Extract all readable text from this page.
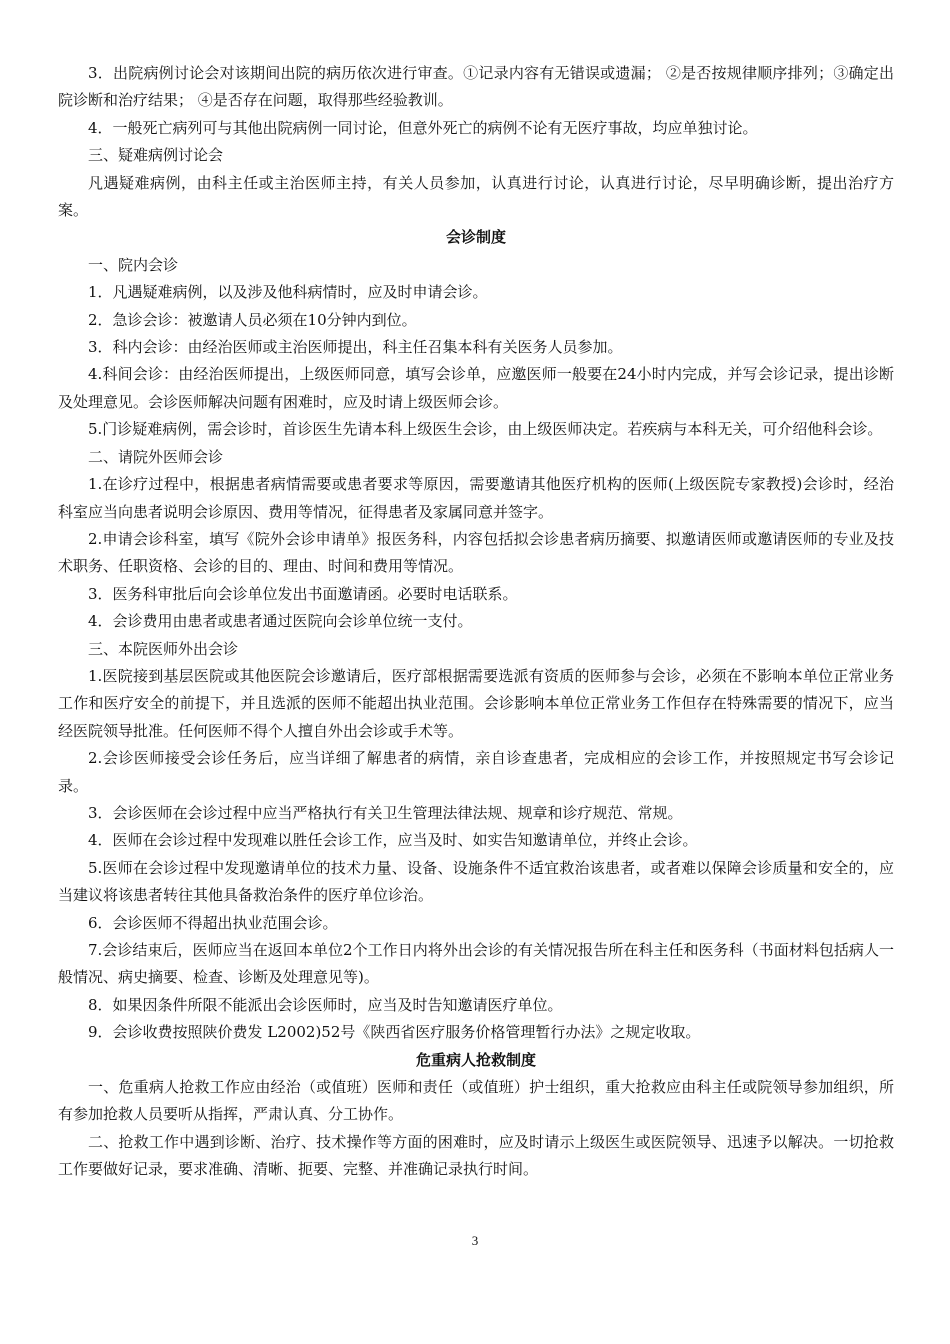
3．出院病例讨论会对该期间出院的病历依次进行审查。①记录内容有无错误或遗漏； ②是否按规律顺序排列；③确定出院诊断和治疗结果； ④是否存在问题，取得那些经验教训。

4．一般死亡病列可与其他出院病例一同讨论，但意外死亡的病例不论有无医疗事故，均应单独讨论。

三、疑难病例讨论会

凡遇疑难病例，由科主任或主治医师主持，有关人员参加，认真进行讨论，认真进行讨论，尽早明确诊断，提出治疗方案。

会诊制度

一、院内会诊

1．凡遇疑难病例，以及涉及他科病情时，应及时申请会诊。

2．急诊会诊：被邀请人员必须在10分钟内到位。

3．科内会诊：由经治医师或主治医师提出，科主任召集本科有关医务人员参加。

4.科间会诊：由经治医师提出，上级医师同意，填写会诊单，应邀医师一般要在24小时内完成，并写会诊记录，提出诊断及处理意见。会诊医师解决问题有困难时，应及时请上级医师会诊。

5.门诊疑难病例，需会诊时，首诊医生先请本科上级医生会诊，由上级医师决定。若疾病与本科无关，可介绍他科会诊。

二、请院外医师会诊

1.在诊疗过程中，根据患者病情需要或患者要求等原因，需要邀请其他医疗机构的医师(上级医院专家教授)会诊时，经治 科室应当向患者说明会诊原因、费用等情况，征得患者及家属同意并签字。

2.申请会诊科室，填写《院外会诊申请单》报医务科，内容包括拟会诊患者病历摘要、拟邀请医师或邀请医师的专业及技术职务、任职资格、会诊的目的、理由、时间和费用等情况。

3．医务科审批后向会诊单位发出书面邀请函。必要时电话联系。

4．会诊费用由患者或患者通过医院向会诊单位统一支付。

三、本院医师外出会诊

1.医院接到基层医院或其他医院会诊邀请后，医疗部根据需要选派有资质的医师参与会诊，必须在不影响本单位正常业务工作和医疗安全的前提下，并且选派的医师不能超出执业范围。会诊影响本单位正常业务工作但存在特殊需要的情况下，应当经医院领导批准。任何医师不得个人擅自外出会诊或手术等。

2.会诊医师接受会诊任务后，应当详细了解患者的病情，亲自诊查患者，完成相应的会诊工作，并按照规定书写会诊记录。

3．会诊医师在会诊过程中应当严格执行有关卫生管理法律法规、规章和诊疗规范、常规。

4．医师在会诊过程中发现难以胜任会诊工作，应当及时、如实告知邀请单位，并终止会诊。

5.医师在会诊过程中发现邀请单位的技术力量、设备、设施条件不适宜救治该患者，或者难以保障会诊质量和安全的，应当建议将该患者转往其他具备救治条件的医疗单位诊治。

6．会诊医师不得超出执业范围会诊。

7.会诊结束后，医师应当在返回本单位2个工作日内将外出会诊的有关情况报告所在科主任和医务科（书面材料包括病人一般情况、病史摘要、检查、诊断及处理意见等)。

8．如果因条件所限不能派出会诊医师时，应当及时告知邀请医疗单位。

9．会诊收费按照陕价费发 L2002)52号《陕西省医疗服务价格管理暂行办法》之规定收取。

危重病人抢救制度

一、危重病人抢救工作应由经治（或值班）医师和责任（或值班）护士组织，重大抢救应由科主任或院领导参加组织，所有参加抢救人员要听从指挥，严肃认真、分工协作。

二、抢救工作中遇到诊断、治疗、技术操作等方面的困难时，应及时请示上级医生或医院领导、迅速予以解决。一切抢救工作要做好记录，要求准确、清晰、扼要、完整、并准确记录执行时间。

3
